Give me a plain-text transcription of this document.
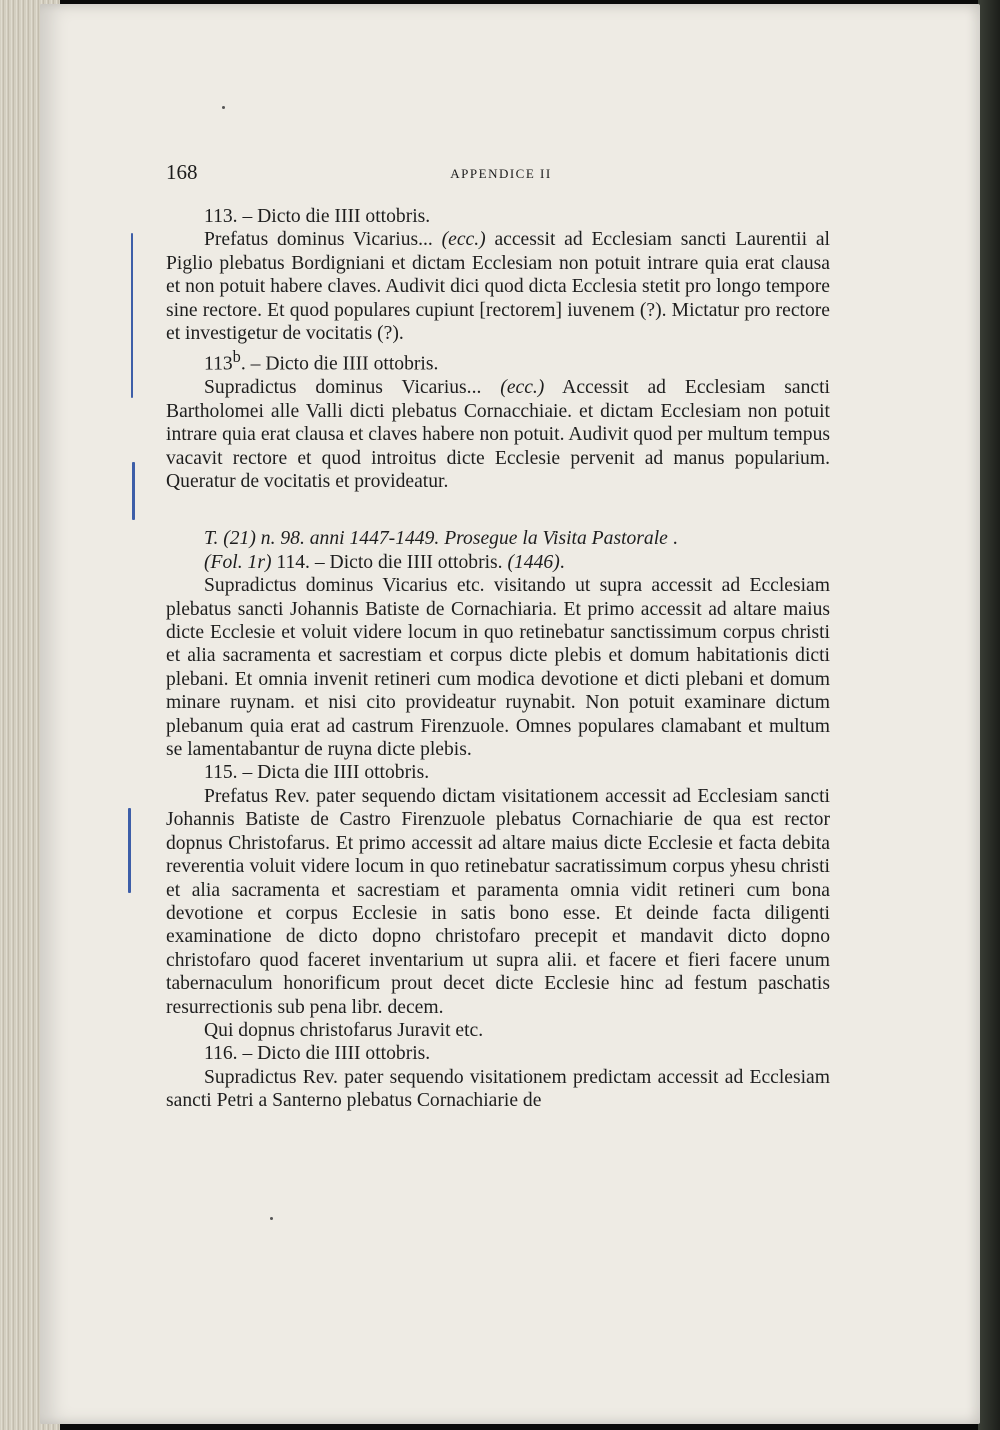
168	APPENDICE II

113. – Dicto die IIII ottobris.

Prefatus dominus Vicarius... (ecc.) accessit ad Ecclesiam sancti Laurentii al Piglio plebatus Bordigniani et dictam Ecclesiam non potuit intrare quia erat clausa et non potuit habere claves. Audivit dici quod dicta Ecclesia stetit pro longo tempore sine rectore. Et quod populares cupiunt [rectorem] iuvenem (?). Mictatur pro rectore et investigetur de vocitatis (?).

113$^b$. – Dicto die IIII ottobris.

Supradictus dominus Vicarius... (ecc.) Accessit ad Ecclesiam sancti Bartholomei alle Valli dicti plebatus Cornacchiaie. et dictam Ecclesiam non potuit intrare quia erat clausa et claves habere non potuit. Audivit quod per multum tempus vacavit rectore et quod introitus dicte Ecclesie pervenit ad manus popularium. Queratur de vocitatis et provideatur.

T. (21) n. 98. anni 1447-1449. Prosegue la Visita Pastorale .

(Fol. 1r) 114. – Dicto die IIII ottobris. (1446).

Supradictus dominus Vicarius etc. visitando ut supra accessit ad Ecclesiam plebatus sancti Johannis Batiste de Cornachiaria. Et primo accessit ad altare maius dicte Ecclesie et voluit videre locum in quo retinebatur sanctissimum corpus christi et alia sacramenta et sacrestiam et corpus dicte plebis et domum habitationis dicti plebani. Et omnia invenit retineri cum modica devotione et dicti plebani et domum minare ruynam. et nisi cito provideatur ruynabit. Non potuit examinare dictum plebanum quia erat ad castrum Firenzuole. Omnes populares clamabant et multum se lamentabantur de ruyna dicte plebis.

115. – Dicta die IIII ottobris.

Prefatus Rev. pater sequendo dictam visitationem accessit ad Ecclesiam sancti Johannis Batiste de Castro Firenzuole plebatus Cornachiarie de qua est rector dopnus Christofarus. Et primo accessit ad altare maius dicte Ecclesie et facta debita reverentia voluit videre locum in quo retinebatur sacratissimum corpus yhesu christi et alia sacramenta et sacrestiam et paramenta omnia vidit retineri cum bona devotione et corpus Ecclesie in satis bono esse. Et deinde facta diligenti examinatione de dicto dopno christofaro precepit et mandavit dicto dopno christofaro quod faceret inventarium ut supra alii. et facere et fieri facere unum tabernaculum honorificum prout decet dicte Ecclesie hinc ad festum paschatis resurrectionis sub pena libr. decem.

Qui dopnus christofarus Juravit etc.

116. – Dicto die IIII ottobris.

Supradictus Rev. pater sequendo visitationem predictam accessit ad Ecclesiam sancti Petri a Santerno plebatus Cornachiarie de
